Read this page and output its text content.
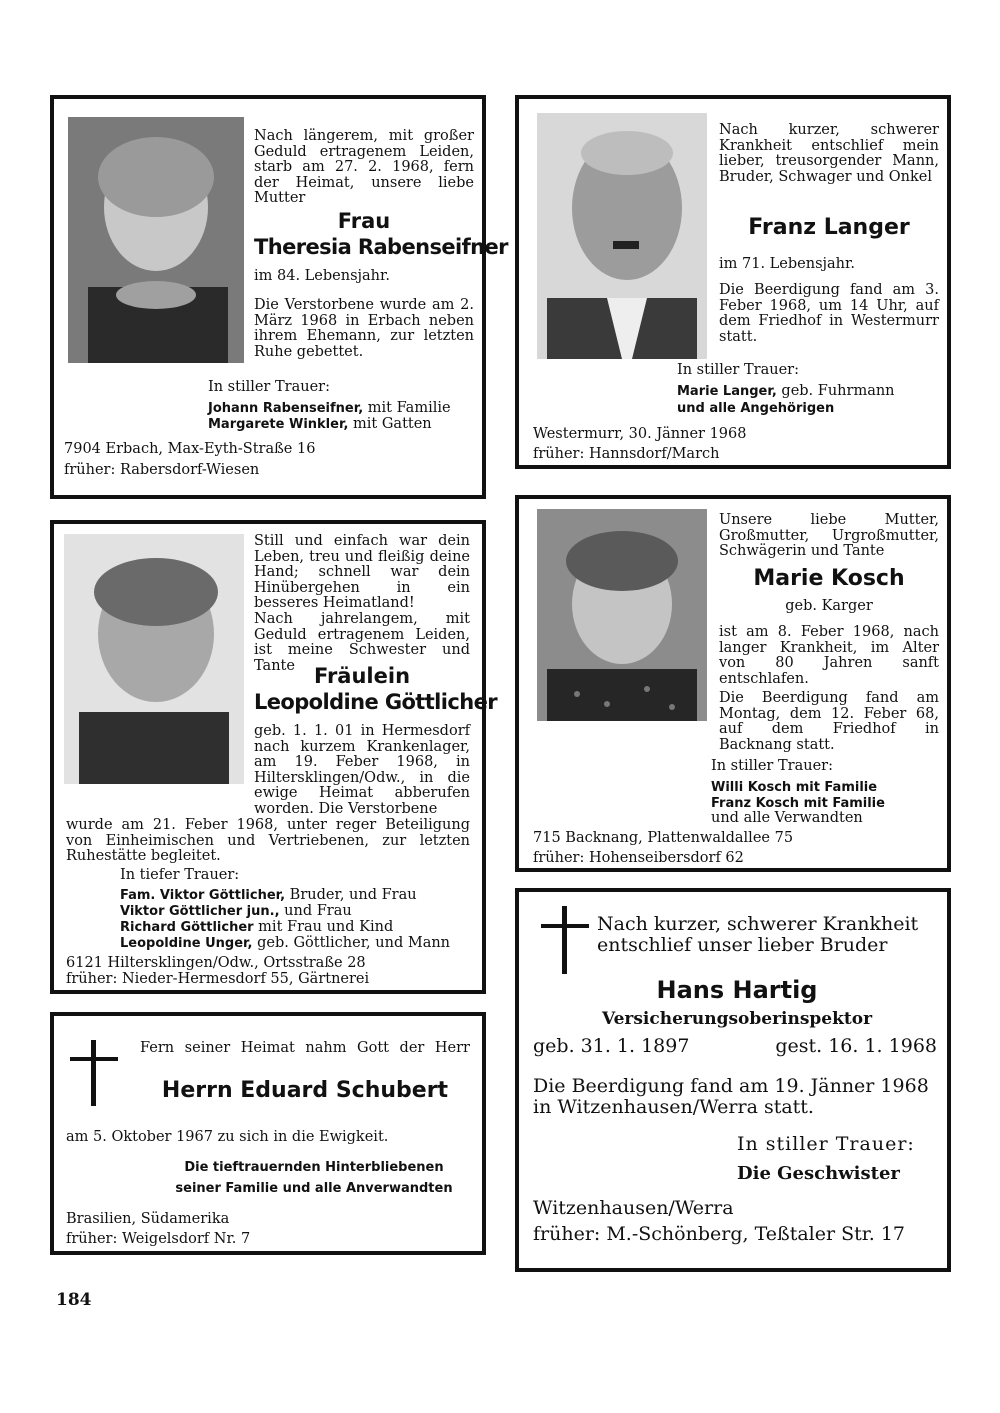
Nach längerem, mit großer Geduld ertragenem Leiden, starb am 27. 2. 1968, fern der Heimat, unsere liebe Mutter
Frau
Theresia Rabenseifner
im 84. Lebensjahr.
Die Verstorbene wurde am 2. März 1968 in Erbach neben ihrem Ehemann, zur letzten Ruhe gebettet.
In stiller Trauer:
Johann Rabenseifner, mit Familie
Margarete Winkler, mit Gatten
7904 Erbach, Max-Eyth-Straße 16
früher: Rabersdorf-Wiesen
Nach kurzer, schwerer Krankheit entschlief mein lieber, treusorgender Mann, Bruder, Schwager und Onkel
Franz Langer
im 71. Lebensjahr.
Die Beerdigung fand am 3. Feber 1968, um 14 Uhr, auf dem Friedhof in Westermurr statt.
In stiller Trauer:
Marie Langer, geb. Fuhrmann
und alle Angehörigen
Westermurr, 30. Jänner 1968
früher: Hannsdorf/March
Still und einfach war dein Leben, treu und fleißig deine Hand; schnell war dein Hinübergehen in ein besseres Heimatland!
Nach jahrelangem, mit Geduld ertragenem Leiden, ist meine Schwester und Tante Fräulein
Leopoldine Göttlicher
geb. 1. 1. 01 in Hermesdorf nach kurzem Krankenlager, am 19. Feber 1968, in Hiltersklingen/Odw., in die ewige Heimat abberufen worden. Die Verstorbene
wurde am 21. Feber 1968, unter reger Beteiligung von Einheimischen und Vertriebenen, zur letzten Ruhestätte begleitet.
In tiefer Trauer:
Fam. Viktor Göttlicher, Bruder, und Frau
Viktor Göttlicher jun., und Frau
Richard Göttlicher mit Frau und Kind
Leopoldine Unger, geb. Göttlicher, und Mann
6121 Hiltersklingen/Odw., Ortsstraße 28
früher: Nieder-Hermesdorf 55, Gärtnerei
Unsere liebe Mutter, Großmutter, Urgroßmutter, Schwägerin und Tante
Marie Kosch
geb. Karger
ist am 8. Feber 1968, nach langer Krankheit, im Alter von 80 Jahren sanft entschlafen.
Die Beerdigung fand am Montag, dem 12. Feber 68, auf dem Friedhof in Backnang statt.
In stiller Trauer:
Willi Kosch mit Familie
Franz Kosch mit Familie
und alle Verwandten
715 Backnang, Plattenwaldallee 75
früher: Hohenseibersdorf 62
Fern seiner Heimat nahm Gott der Herr
Herrn Eduard Schubert
am 5. Oktober 1967 zu sich in die Ewigkeit.
Die tieftrauernden Hinterbliebenen
seiner Familie und alle Anverwandten
Brasilien, Südamerika
früher: Weigelsdorf Nr. 7
Nach kurzer, schwerer Krankheit entschlief unser lieber Bruder
Hans Hartig
Versicherungsoberinspektor
geb. 31. 1. 1897	gest. 16. 1. 1968
Die Beerdigung fand am 19. Jänner 1968 in Witzenhausen/Werra statt.
In stiller Trauer:
Die Geschwister
Witzenhausen/Werra
früher: M.-Schönberg, Teßtaler Str. 17
184
